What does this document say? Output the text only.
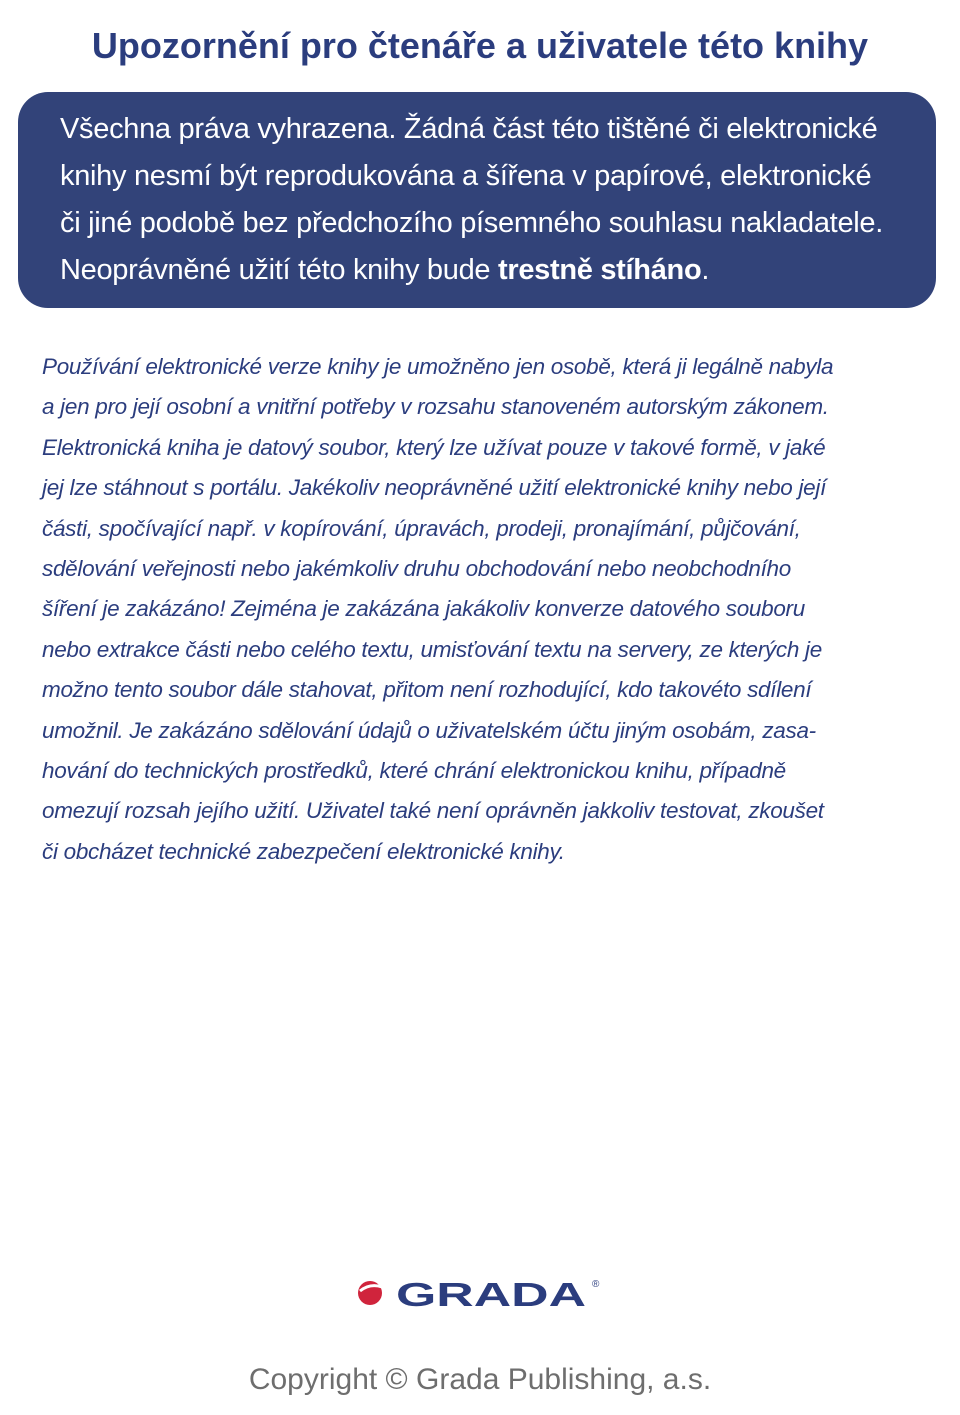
Upozornění pro čtenáře a uživatele této knihy
Všechna práva vyhrazena. Žádná část této tištěné či elektronické
knihy nesmí být reprodukována a šířena v papírové, elektronické
či jiné podobě bez předchozího písemného souhlasu nakladatele.
Neoprávněné užití této knihy bude trestně stíháno.
Používání elektronické verze knihy je umožněno jen osobě, která ji legálně nabyla
a jen pro její osobní a vnitřní potřeby v rozsahu stanoveném autorským zákonem.
Elektronická kniha je datový soubor, který lze užívat pouze v takové formě, v jaké
jej lze stáhnout s portálu. Jakékoliv neoprávněné užití elektronické knihy nebo její
části, spočívající např. v kopírování, úpravách, prodeji, pronajímání, půjčování,
sdělování veřejnosti nebo jakémkoliv druhu obchodování nebo neobchodního
šíření je zakázáno! Zejména je zakázána jakákoliv konverze datového souboru
nebo extrakce části nebo celého textu, umisťování textu na servery, ze kterých je
možno tento soubor dále stahovat, přitom není rozhodující, kdo takovéto sdílení
umožnil. Je zakázáno sdělování údajů o uživatelském účtu jiným osobám, zasa-
hování do technických prostředků, které chrání elektronickou knihu, případně
omezují rozsah jejího užití. Uživatel také není oprávněn jakkoliv testovat, zkoušet
či obcházet technické zabezpečení elektronické knihy.
GRADA ®
Copyright © Grada Publishing, a.s.
